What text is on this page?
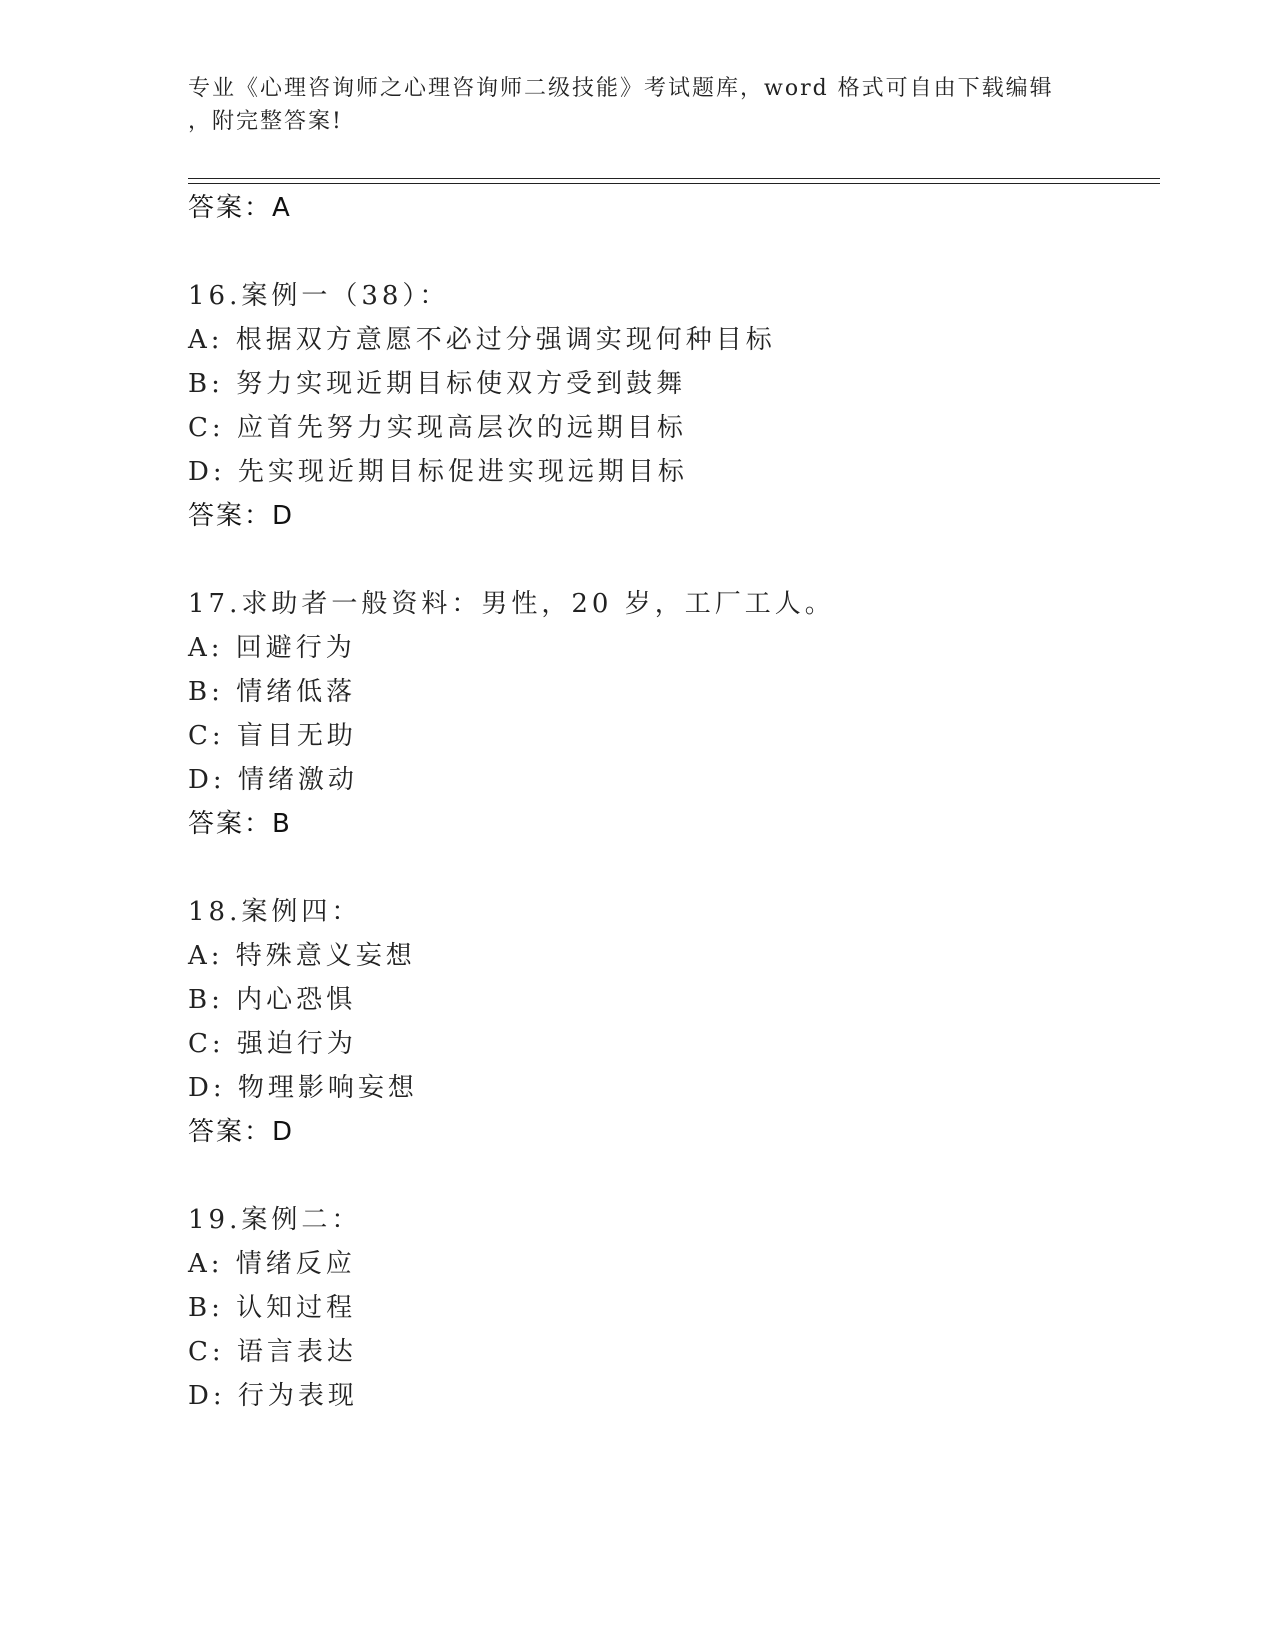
专业《心理咨询师之心理咨询师二级技能》考试题库，word 格式可自由下载编辑
，附完整答案!
答案：A
16.案例一（38）：
A: 根据双方意愿不必过分强调实现何种目标
B: 努力实现近期目标使双方受到鼓舞
C: 应首先努力实现高层次的远期目标
D: 先实现近期目标促进实现远期目标
答案：D
17.求助者一般资料：男性，20 岁，工厂工人。
A: 回避行为
B: 情绪低落
C: 盲目无助
D: 情绪激动
答案：B
18.案例四：
A: 特殊意义妄想
B: 内心恐惧
C: 强迫行为
D: 物理影响妄想
答案：D
19.案例二：
A: 情绪反应
B: 认知过程
C: 语言表达
D: 行为表现
